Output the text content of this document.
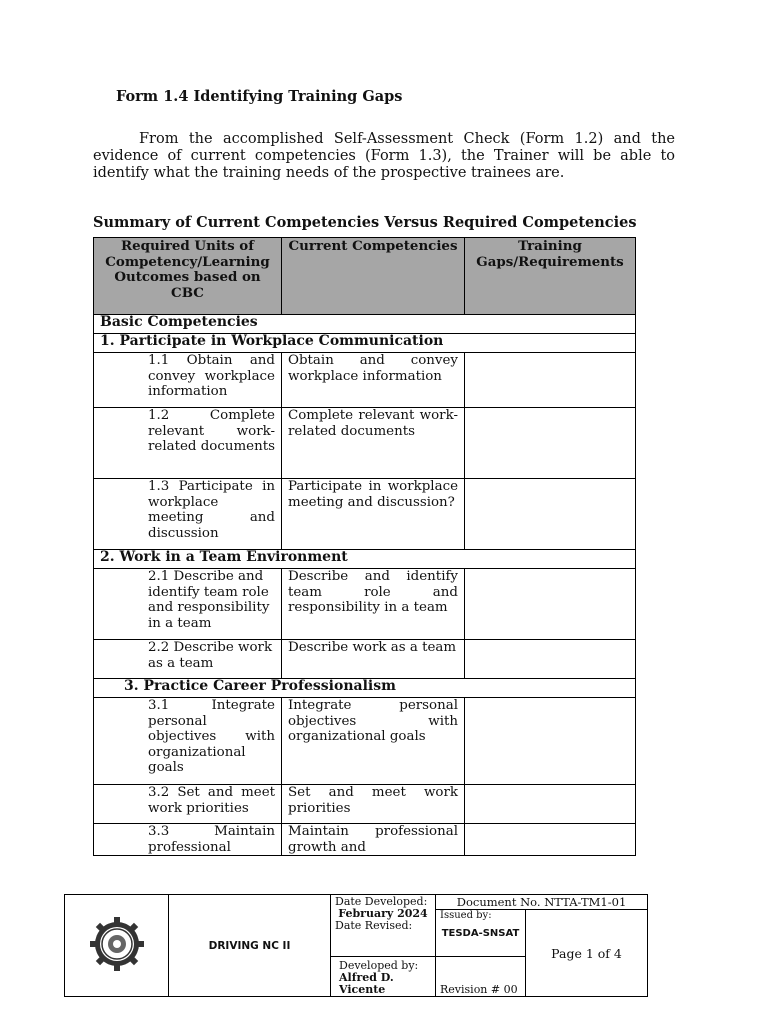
Form 1.4 Identifying Training Gaps

From the accomplished Self-Assessment Check (Form 1.2) and the evidence of current competencies (Form 1.3), the Trainer will be able to identify what the training needs of the prospective trainees are.

Summary of Current Competencies Versus Required Competencies

Required Units of Competency/Learning Outcomes based on CBC	Current Competencies	Training Gaps/Requirements
Basic Competencies		
1. Participate in Workplace Communication		
1.1 Obtain and convey workplace information	Obtain and convey workplace information	
1.2 Complete relevant work-related documents	Complete relevant work-related documents	
1.3 Participate in workplace meeting and discussion	Participate in workplace meeting and discussion?	
2. Work in a Team Environment		
2.1 Describe and identify team role and responsibility in a team	Describe and identify team role and responsibility in a team	
2.2 Describe work as a team	Describe work as a team	
3. Practice Career Professionalism		
3.1 Integrate personal objectives with organizational goals	Integrate personal objectives with organizational goals	
3.2 Set and meet work priorities	Set and meet work priorities	
3.3 Maintain professional	Maintain professional growth and	
	DRIVING NC II	Date Developed:
February 2024
Date Revised:	Document No. NTTA-TM1-01	

			Issued by:
TESDA-SNSAT	Page 1 of 4

		Developed by:
Alfred D. Vicente	Revision # 00	
